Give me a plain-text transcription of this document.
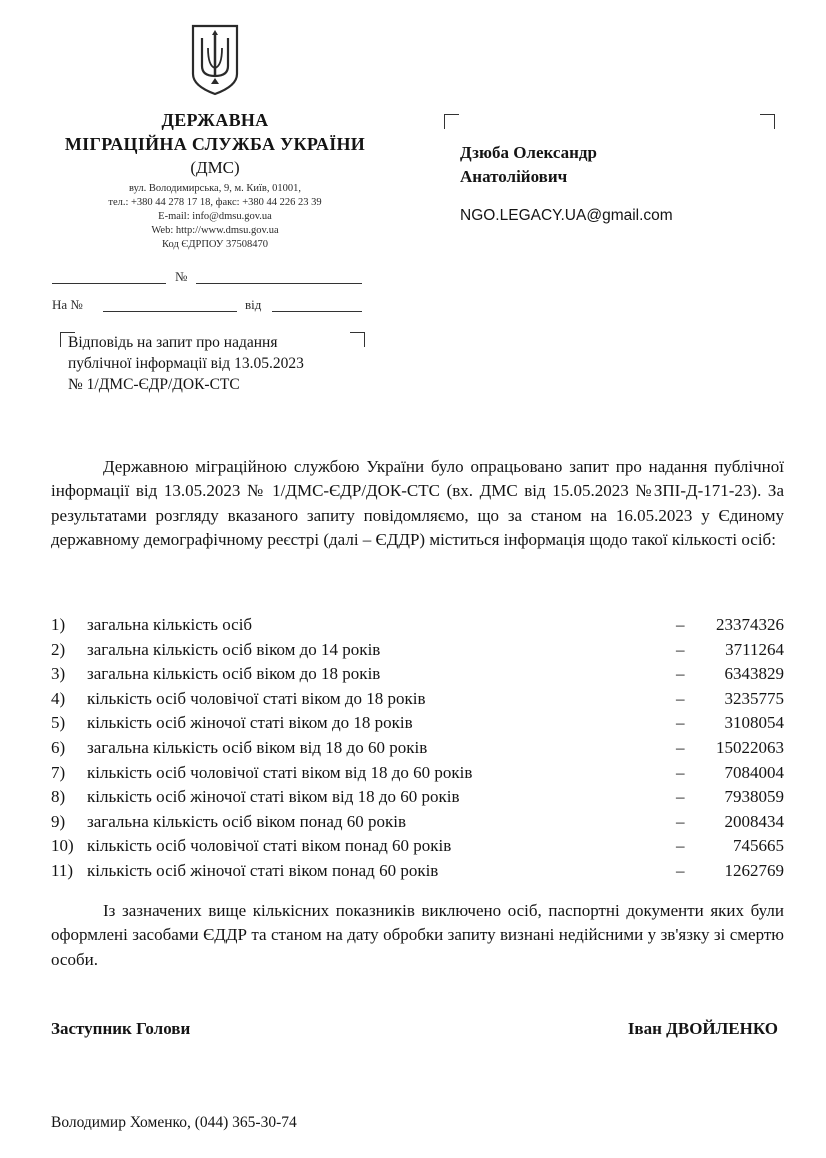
ДЕРЖАВНА
МІГРАЦІЙНА СЛУЖБА УКРАЇНИ
(ДМС)
вул. Володимирська, 9, м. Київ, 01001,
тел.: +380 44 278 17 18, факс: +380 44 226 23 39
E-mail: info@dmsu.gov.ua
Web: http://www.dmsu.gov.ua
Код ЄДРПОУ 37508470
№
На №	від
Відповідь на запит про надання
публічної інформації від 13.05.2023
№ 1/ДМС-ЄДР/ДОК-СТС
Дзюба Олександр
Анатолійович
NGO.LEGACY.UA@gmail.com
Державною міграційною службою України було опрацьовано запит про надання публічної інформації від 13.05.2023 № 1/ДМС-ЄДР/ДОК-СТС (вх. ДМС від 15.05.2023 №ЗПІ-Д-171-23). За результатами розгляду вказаного запиту повідомляємо, що за станом на 16.05.2023 у Єдиному державному демографічному реєстрі (далі – ЄДДР) міститься інформація щодо такої кількості осіб:
1) загальна кількість осіб	– 23374326
2) загальна кількість осіб віком до 14 років	– 3711264
3) загальна кількість осіб віком до 18 років	– 6343829
4) кількість осіб чоловічої статі віком до 18 років	– 3235775
5) кількість осіб жіночої статі віком до 18 років	– 3108054
6) загальна кількість осіб віком від 18 до 60 років	– 15022063
7) кількість осіб чоловічої статі віком від 18 до 60 років	– 7084004
8) кількість осіб жіночої статі віком від 18 до 60 років	– 7938059
9) загальна кількість осіб віком понад 60 років	– 2008434
10) кількість осіб чоловічої статі віком понад 60 років	–	745665
11) кількість осіб жіночої статі віком понад 60 років	– 1262769
Із зазначених вище кількісних показників виключено осіб, паспортні документи яких були оформлені засобами ЄДДР та станом на дату обробки запиту визнані недійсними у зв'язку зі смертю особи.
Заступник Голови	Іван ДВОЙЛЕНКО
Володимир Хоменко, (044) 365-30-74
